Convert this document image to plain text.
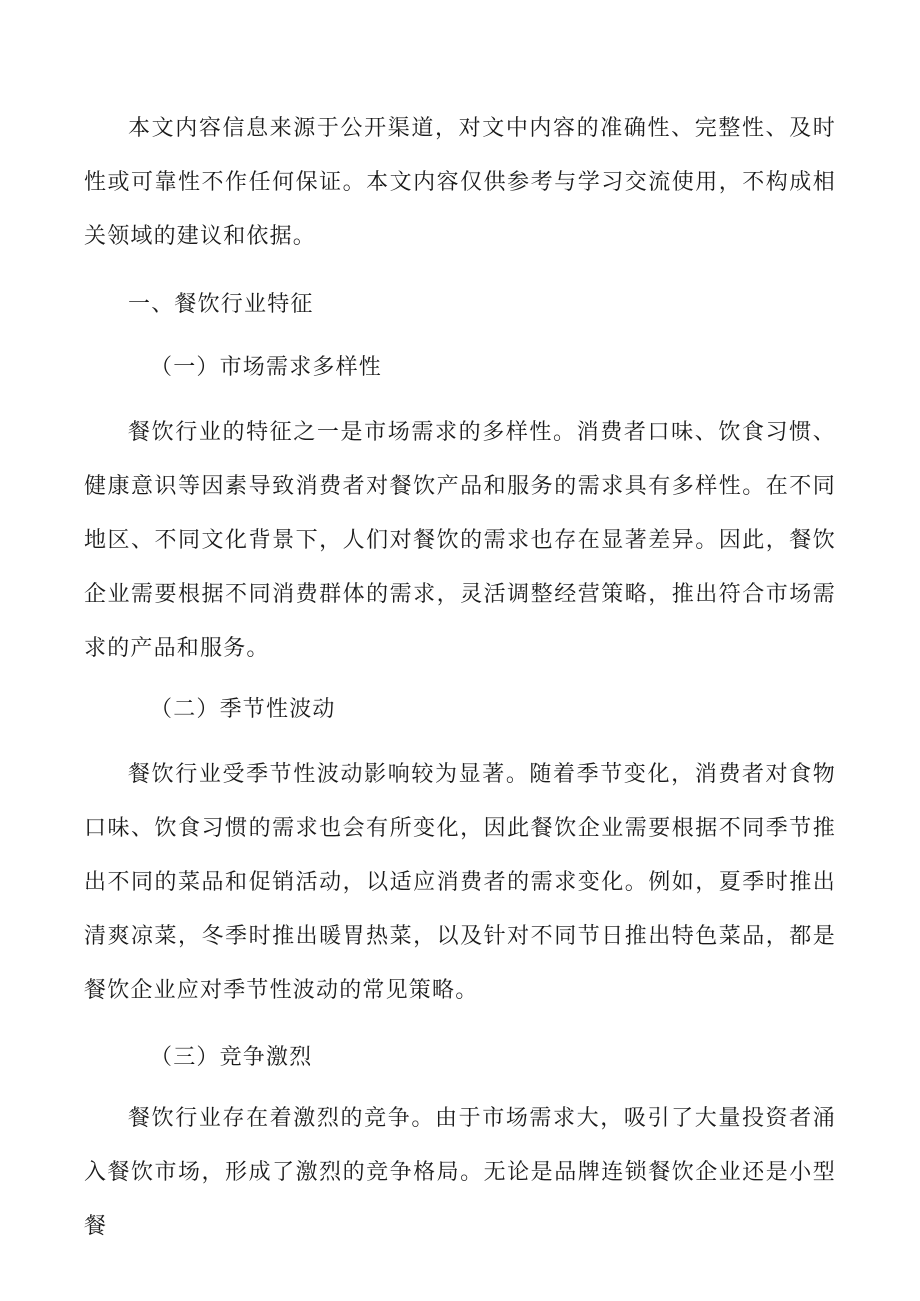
本文内容信息来源于公开渠道，对文中内容的准确性、完整性、及时性或可靠性不作任何保证。本文内容仅供参考与学习交流使用，不构成相关领域的建议和依据。

一、餐饮行业特征
（一）市场需求多样性

餐饮行业的特征之一是市场需求的多样性。消费者口味、饮食习惯、健康意识等因素导致消费者对餐饮产品和服务的需求具有多样性。在不同地区、不同文化背景下，人们对餐饮的需求也存在显著差异。因此，餐饮企业需要根据不同消费群体的需求，灵活调整经营策略，推出符合市场需求的产品和服务。

（二）季节性波动

餐饮行业受季节性波动影响较为显著。随着季节变化，消费者对食物口味、饮食习惯的需求也会有所变化，因此餐饮企业需要根据不同季节推出不同的菜品和促销活动，以适应消费者的需求变化。例如，夏季时推出清爽凉菜，冬季时推出暖胃热菜，以及针对不同节日推出特色菜品，都是餐饮企业应对季节性波动的常见策略。

（三）竞争激烈

餐饮行业存在着激烈的竞争。由于市场需求大，吸引了大量投资者涌入餐饮市场，形成了激烈的竞争格局。无论是品牌连锁餐饮企业还是小型餐
